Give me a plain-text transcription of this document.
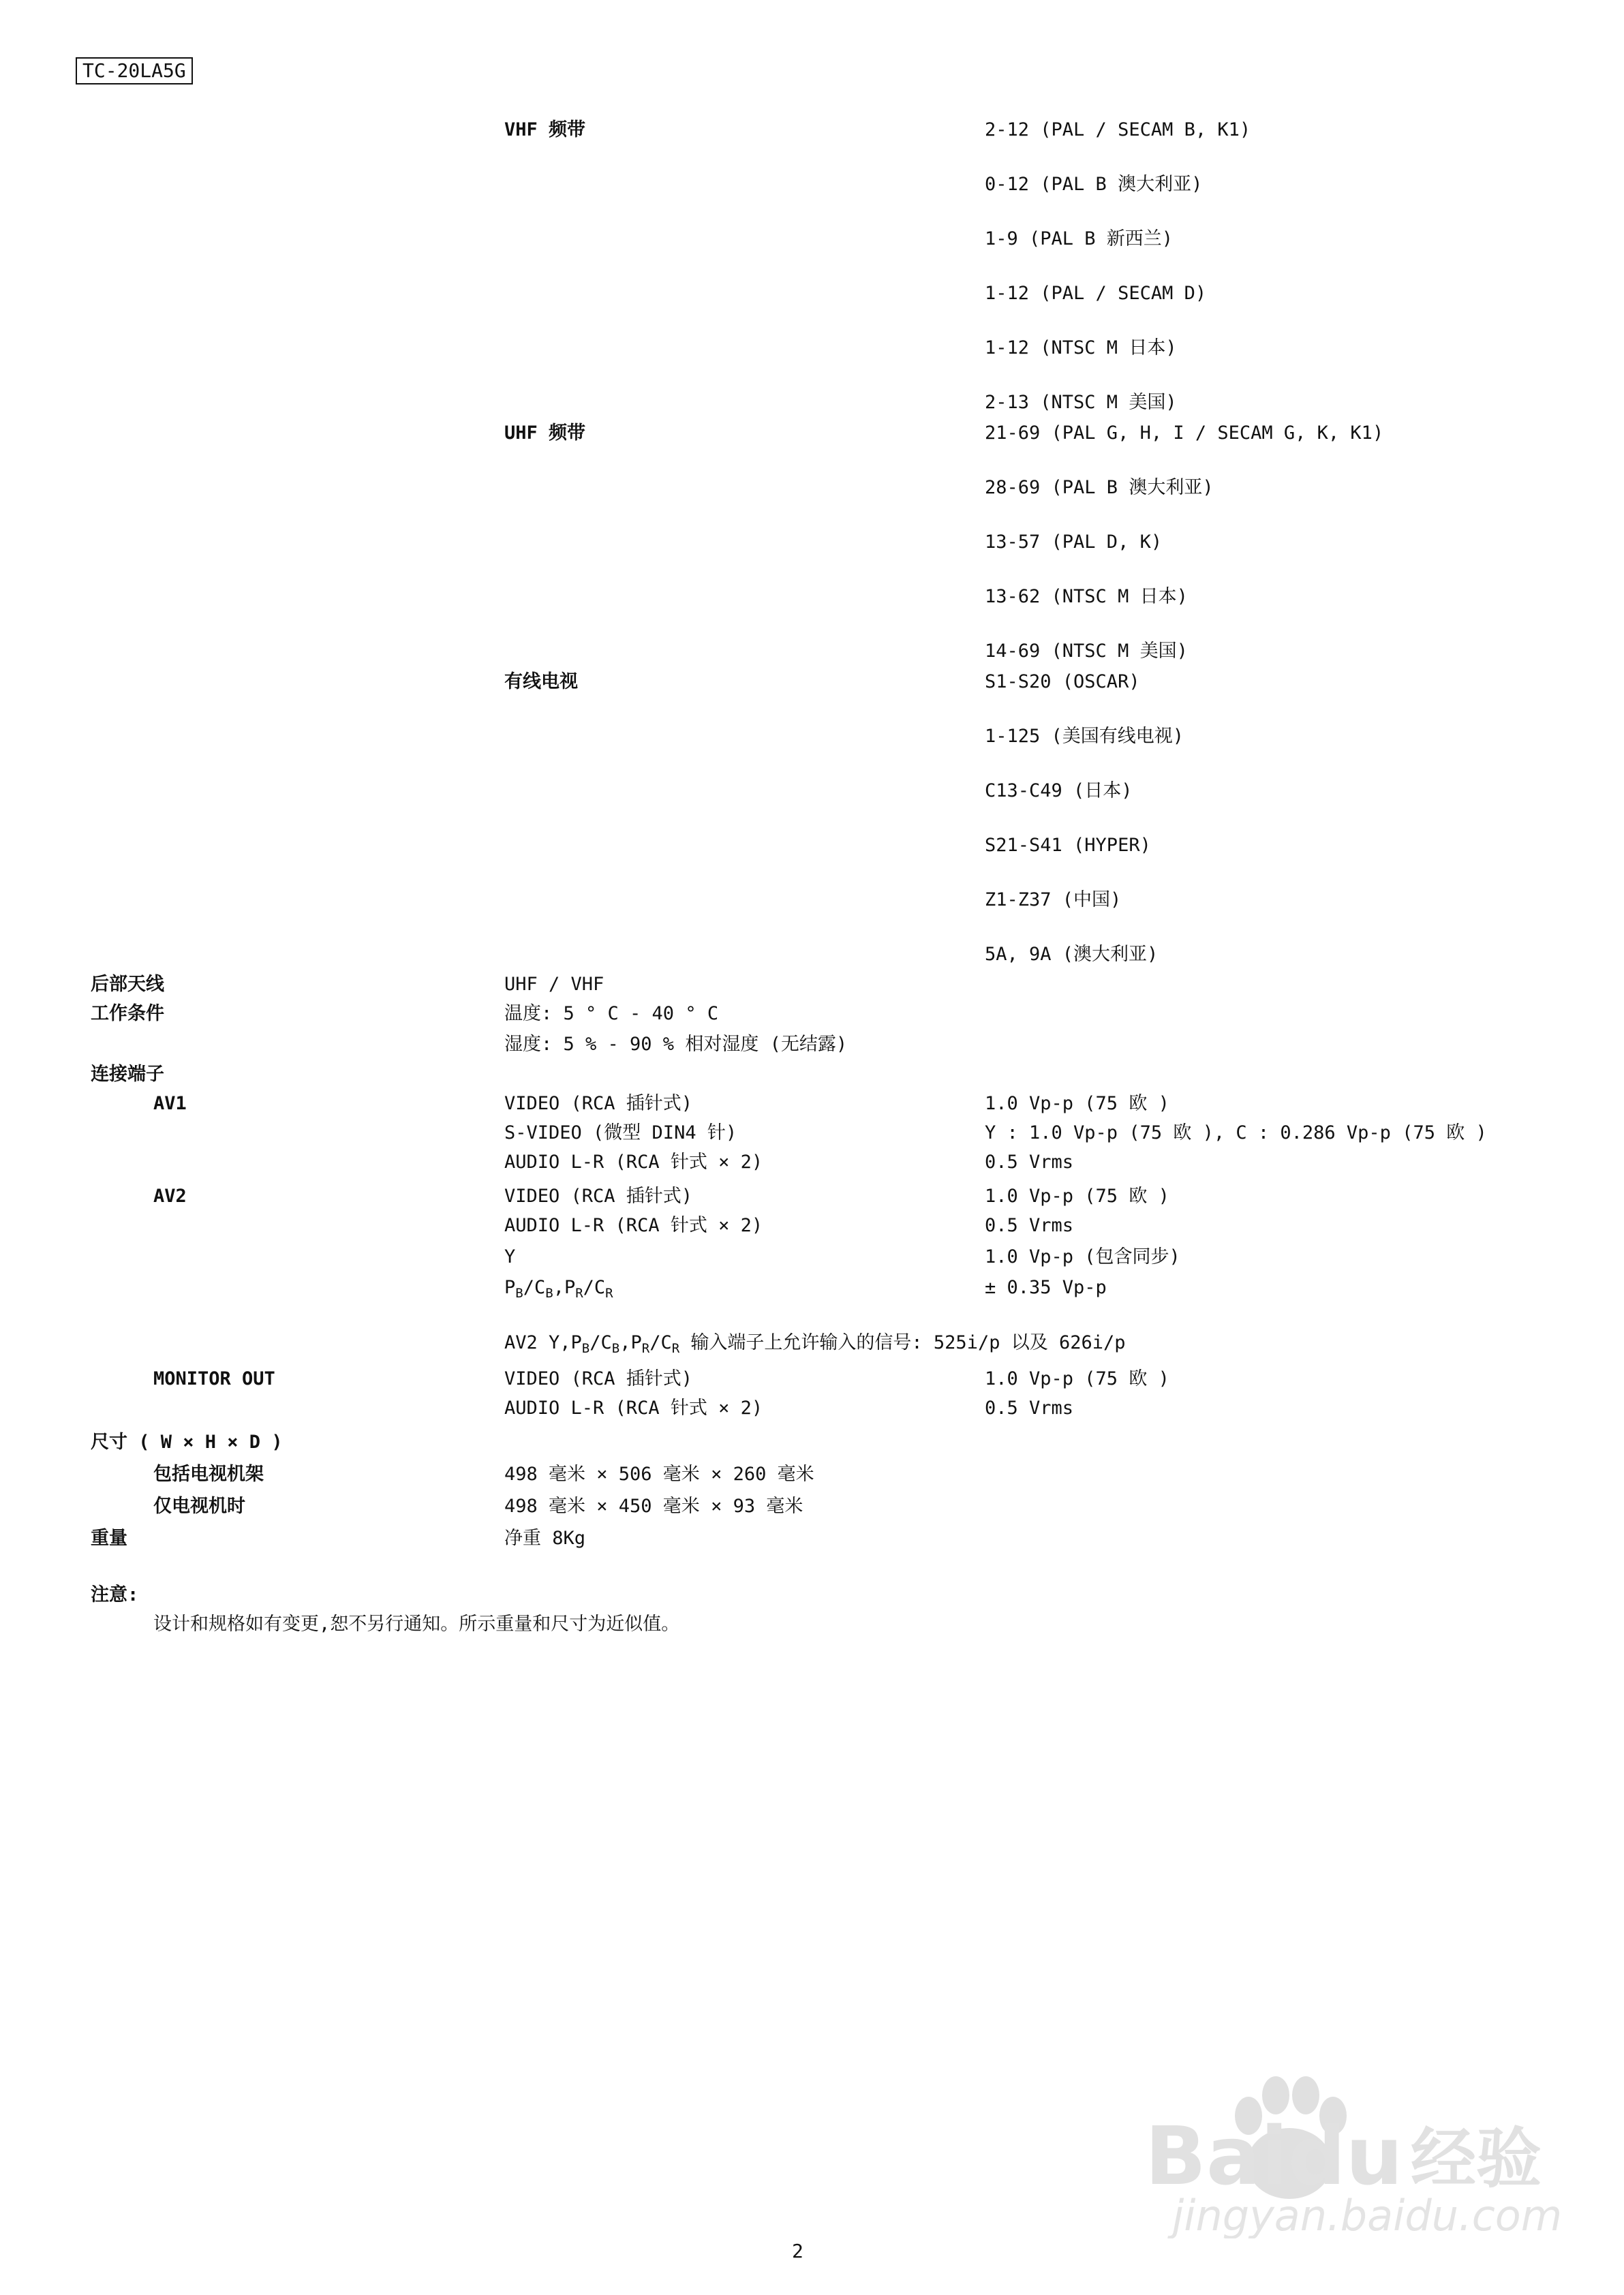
TC-20LA5G
VHF 频带	2-12 (PAL / SECAM B, K1)
0-12 (PAL B 澳大利亚)
1-9 (PAL B 新西兰)
1-12 (PAL / SECAM D)
1-12 (NTSC M 日本)
2-13 (NTSC M 美国)
UHF 频带	21-69 (PAL G, H, I / SECAM G, K, K1)
28-69 (PAL B 澳大利亚)
13-57 (PAL D, K)
13-62 (NTSC M 日本)
14-69 (NTSC M 美国)
有线电视	S1-S20 (OSCAR)
1-125 (美国有线电视)
C13-C49 (日本)
S21-S41 (HYPER)
Z1-Z37 (中国)
5A, 9A (澳大利亚)
后部天线	UHF / VHF
工作条件	温度: 5 ° C - 40 ° C
湿度: 5 % - 90 % 相对湿度 (无结露)
连接端子
AV1	VIDEO (RCA 插针式)	1.0 Vp-p (75 欧 )
S-VIDEO (微型 DIN4 针)	Y : 1.0 Vp-p (75 欧 ), C : 0.286 Vp-p (75 欧 )
AUDIO L-R (RCA 针式 × 2)	0.5 Vrms
AV2	VIDEO (RCA 插针式)	1.0 Vp-p (75 欧 )
AUDIO L-R (RCA 针式 × 2)	0.5 Vrms
Y	1.0 Vp-p (包含同步)
$P_B/C_B,P_R/C_R$	± 0.35 Vp-p
AV2 $Y,P_B/C_B,P_R/C_R$ 输入端子上允许输入的信号: 525i/p 以及 626i/p
MONITOR OUT	VIDEO (RCA 插针式)	1.0 Vp-p (75 欧 )
AUDIO L-R (RCA 针式 × 2)	0.5 Vrms
尺寸 ( W × H × D )
包括电视机架	498 毫米 × 506 毫米 × 260 毫米
仅电视机时	498 毫米 × 450 毫米 × 93 毫米
重量	净重 8Kg
注意:
设计和规格如有变更,恕不另行通知。所示重量和尺寸为近似值。
Baidu 经验
jingyan.baidu.com
2
